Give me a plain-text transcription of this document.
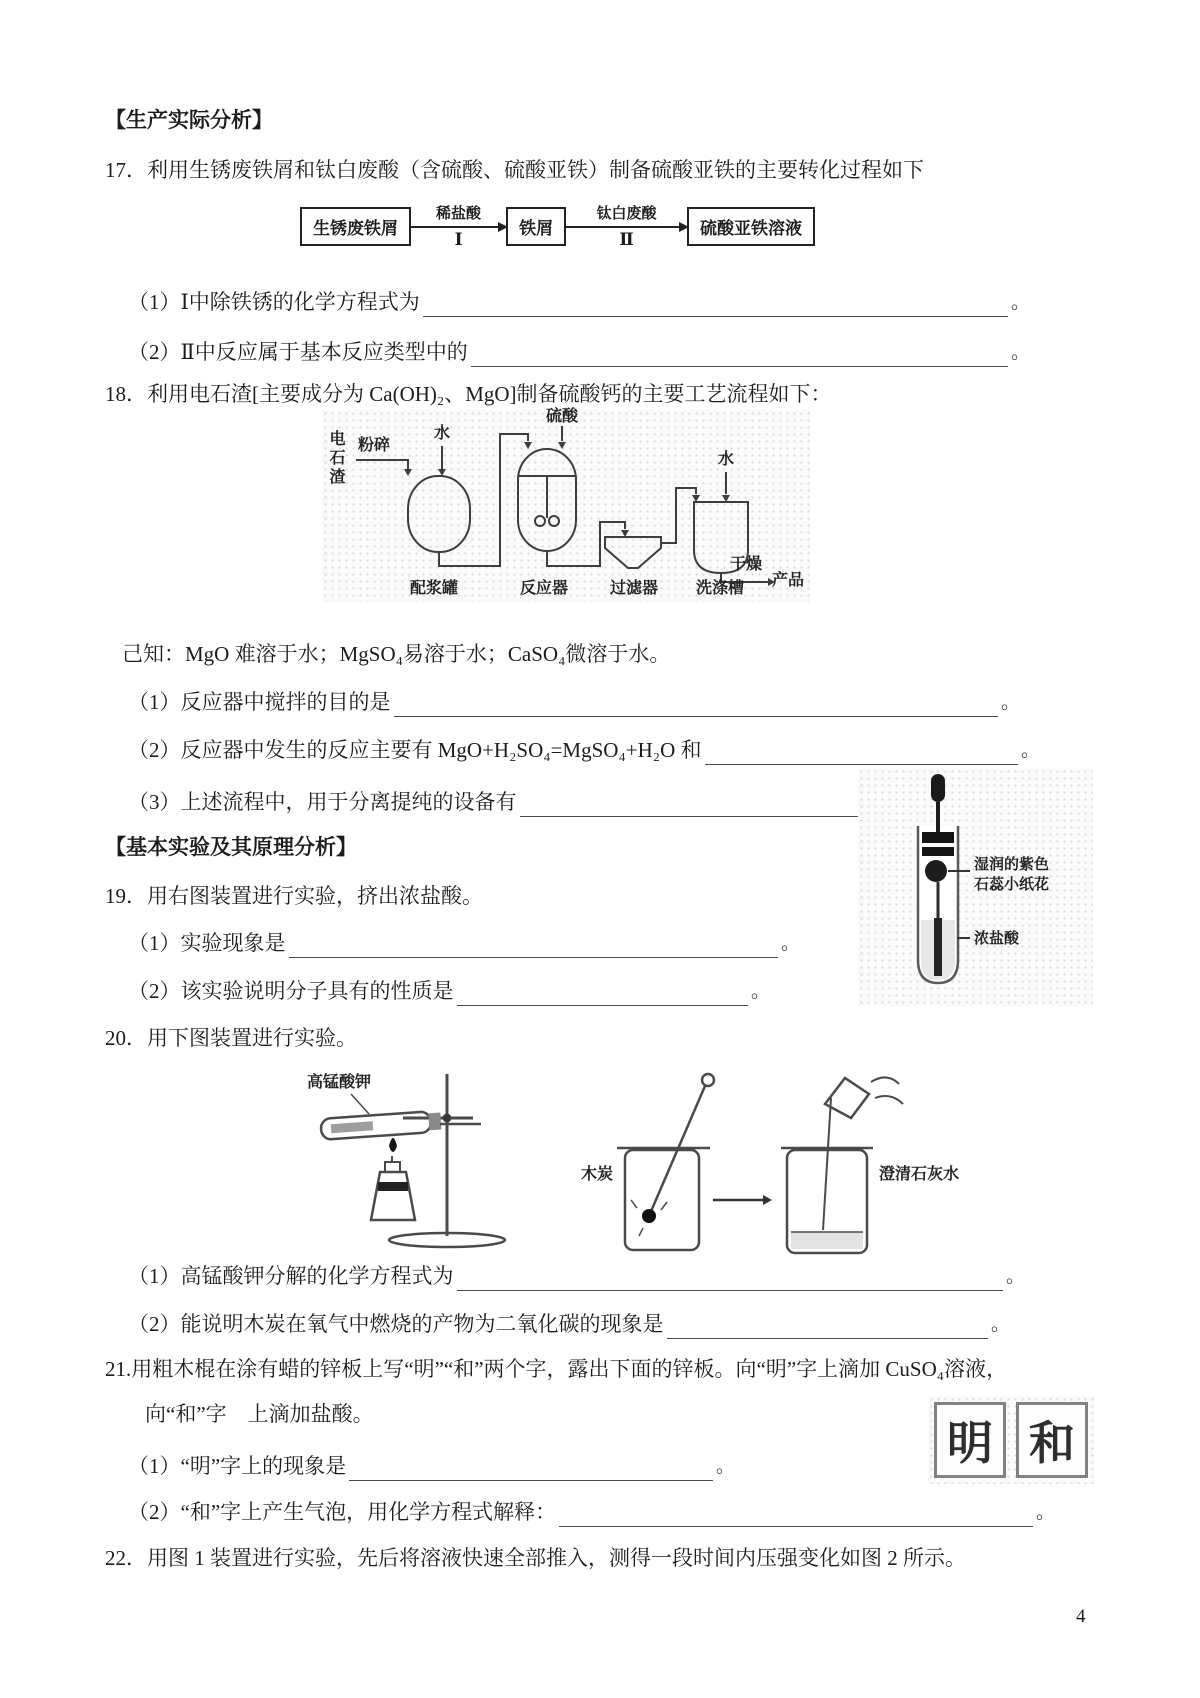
【生产实际分析】
17．利用生锈废铁屑和钛白废酸（含硫酸、硫酸亚铁）制备硫酸亚铁的主要转化过程如下
生锈废铁屑
稀盐酸
Ⅰ
铁屑
钛白废酸
Ⅱ
硫酸亚铁溶液
（1）Ⅰ中除铁锈的化学方程式为	。
（2）Ⅱ中反应属于基本反应类型中的	。
18．利用电石渣[主要成分为 Ca(OH)₂、MgO]制备硫酸钙的主要工艺流程如下：
电石渣 粉碎
水
硫酸
水
干燥
产品
配浆罐	反应器	过滤器 洗涤槽
己知：MgO 难溶于水；MgSO₄易溶于水；CaSO₄微溶于水。
（1）反应器中搅拌的目的是	。
（2）反应器中发生的反应主要有 MgO+H₂SO₄=MgSO₄+H₂O 和	。
（3）上述流程中，用于分离提纯的设备有
【基本实验及其原理分析】
湿润的紫色
石蕊小纸花
浓盐酸
19．用右图装置进行实验，挤出浓盐酸。
（1）实验现象是	。
（2）该实验说明分子具有的性质是	。
20．用下图装置进行实验。
高锰酸钾
木炭	澄清石灰水
（1）高锰酸钾分解的化学方程式为	。
（2）能说明木炭在氧气中燃烧的产物为二氧化碳的现象是	。
21.用粗木棍在涂有蜡的锌板上写“明”“和”两个字，露出下面的锌板。向“明”字上滴加 CuSO₄溶液，
向“和”字　上滴加盐酸。
明 和
（1）“明”字上的现象是	。
（2）“和”字上产生气泡，用化学方程式解释：	。
22．用图 1 装置进行实验，先后将溶液快速全部推入，测得一段时间内压强变化如图 2 所示。
4
